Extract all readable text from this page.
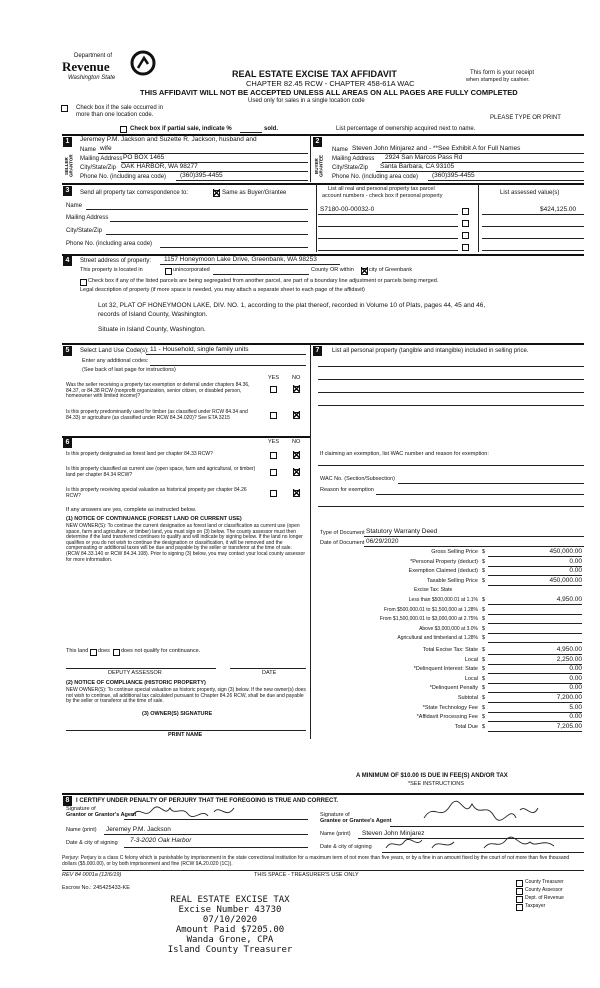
Department of
Revenue
Washington State	REAL ESTATE EXCISE TAX AFFIDAVIT
CHAPTER 82.45 RCW - CHAPTER 458-61A WAC
THIS AFFIDAVIT WILL NOT BE ACCEPTED UNLESS ALL AREAS ON ALL PAGES ARE FULLY COMPLETED
Used only for sales in a single location code
This form is your receipt
when stamped by cashier.
Check box if the sale occurred in
more than one location code.	PLEASE TYPE OR PRINT
Check box if partial sale, indicate %	sold.	List percentage of ownership acquired next to name.
1
SELLER GRANTOR
Jeremey P.M. Jackson and Suzette R. Jackson, husband and
Name wife
Mailing Address PO BOX 1465
City/State/Zip OAK HARBOR, WA 98277
Phone No. (including area code) (360)395-4455
2
BUYER GRANTEE
Name Steven John Minjarez and - **See Exhibit A for Full Names
Mailing Address 2924 San Marcos Pass Rd
City/State/Zip Santa Barbara, CA 93105
Phone No. (including area code) (360)395-4455
3	Send all property tax correspondence to:	Same as Buyer/Grantee
Name
Mailing Address
City/State/Zip
Phone No. (including area code)
List all real and personal property tax parcel
account numbers - check box if personal property	List assessed value(s)
S7180-00-00032-0	$424,125.00
4	Street address of property: 1157 Honeymoon Lake Drive, Greenbank, WA 98253
This property is located in	unincorporated	County OR within	city of Greenbank
Check box if any of the listed parcels are being segregated from another parcel, are part of a boundary line adjustment or parcels being merged.
Legal description of property (if more space is needed, you may attach a separate sheet to each page of the affidavit)
Lot 32, PLAT OF HONEYMOON LAKE, DIV. NO. 1, according to the plat thereof, recorded in Volume 10 of Plats, pages 44, 45 and 46,
records of Island County, Washington.
Situate in Island County, Washington.
5	Select Land Use Code(s): 11 - Household, single family units
Enter any additional codes:
(See back of last page for instructions)
YES NO
Was the seller receiving a property tax exemption or deferral under chapters 84.36, 84.37, or 84.38 RCW (nonprofit organization, senior citizen, or disabled person, homeowner with limited income)?
Is this property predominantly used for timber (as classified under RCW 84.34 and 84.33) or agriculture (as classified under RCW 84.34.020)? See ETA 3215
7	List all personal property (tangible and intangible) included in selling price.
6	YES NO
Is this property designated as forest land per chapter 84.33 RCW?
Is this property classified as current use (open space, farm and agricultural, or timber) land per chapter 84.34 RCW?
Is this property receiving special valuation as historical property per chapter 84.26 RCW?
If any answers are yes, complete as instructed below.
(1) NOTICE OF CONTINUANCE (FOREST LAND OR CURRENT USE)
NEW OWNER(S): To continue the current designation as forest land or classification as current use (open space, farm and agriculture, or timber) land, you must sign on (3) below. The county assessor must then determine if the land transferred continues to qualify and will indicate by signing below. If the land no longer qualifies or you do not wish to continue the designation or classification, it will be removed and the compensating or additional taxes will be due and payable by the seller or transferor at the time of sale. (RCW 84.33.140 or RCW 84.34.108). Prior to signing (3) below, you may contact your local county assessor for more information.
This land does does not qualify for continuance.
DEPUTY ASSESSOR	DATE
(2) NOTICE OF COMPLIANCE (HISTORIC PROPERTY)
NEW OWNER(S): To continue special valuation as historic property, sign (3) below. If the new owner(s) does not wish to continue, all additional tax calculated pursuant to Chapter 84.26 RCW, shall be due and payable by the seller or transferor at the time of sale.
(3) OWNER(S) SIGNATURE
PRINT NAME
If claiming an exemption, list WAC number and reason for exemption:
WAC No. (Section/Subsection)
Reason for exemption
Type of Document Statutory Warranty Deed
Date of Document 06/29/2020
Gross Selling Price $	450,000.00
*Personal Property (deduct) $	0.00
Exemption Claimed (deduct) $	0.00
Taxable Selling Price $	450,000.00
Excise Tax: State
Less than $500,000.01 at 1.1% $	4,950.00
From $500,000.01 to $1,500,000 at 1.28% $
From $1,500,000.01 to $3,000,000 at 2.75% $
Above $3,000,000 at 3.0% $
Agricultural and timberland at 1.28% $
Total Excise Tax: State $	4,950.00
Local $	2,250.00
*Delinquent Interest: State $	0.00
Local $	0.00
*Delinquent Penalty $	0.00
Subtotal $	7,200.00
*State Technology Fee $	5.00
*Affidavit Processing Fee $	0.00
Total Due $	7,205.00
A MINIMUM OF $10.00 IS DUE IN FEE(S) AND/OR TAX
*SEE INSTRUCTIONS
8	I CERTIFY UNDER PENALTY OF PERJURY THAT THE FOREGOING IS TRUE AND CORRECT.
Signature of
Grantor or Grantor's Agent
Name (print) Jeremey P.M. Jackson
Date & city of signing 7-3-2020 Oak Harbor
Signature of
Grantee or Grantee's Agent
Name (print) Steven John Minjarez
Date & city of signing
Perjury: Perjury is a class C felony which is punishable by imprisonment in the state correctional institution for a maximum term of not more than five years, or by a fine in an amount fixed by the court of not more than five thousand dollars ($5,000.00), or by both imprisonment and fine (RCW 9A.20.020 (1C)).
REV 84 0001a (12/6/19)	THIS SPACE - TREASURER'S USE ONLY
Escrow No.: 245425433-KE
REAL ESTATE EXCISE TAX
Excise Number 43730
07/10/2020
Amount Paid $7205.00
Wanda Grone, CPA
Island County Treasurer
County Treasurer
County Assessor
Dept. of Revenue
Taxpayer
